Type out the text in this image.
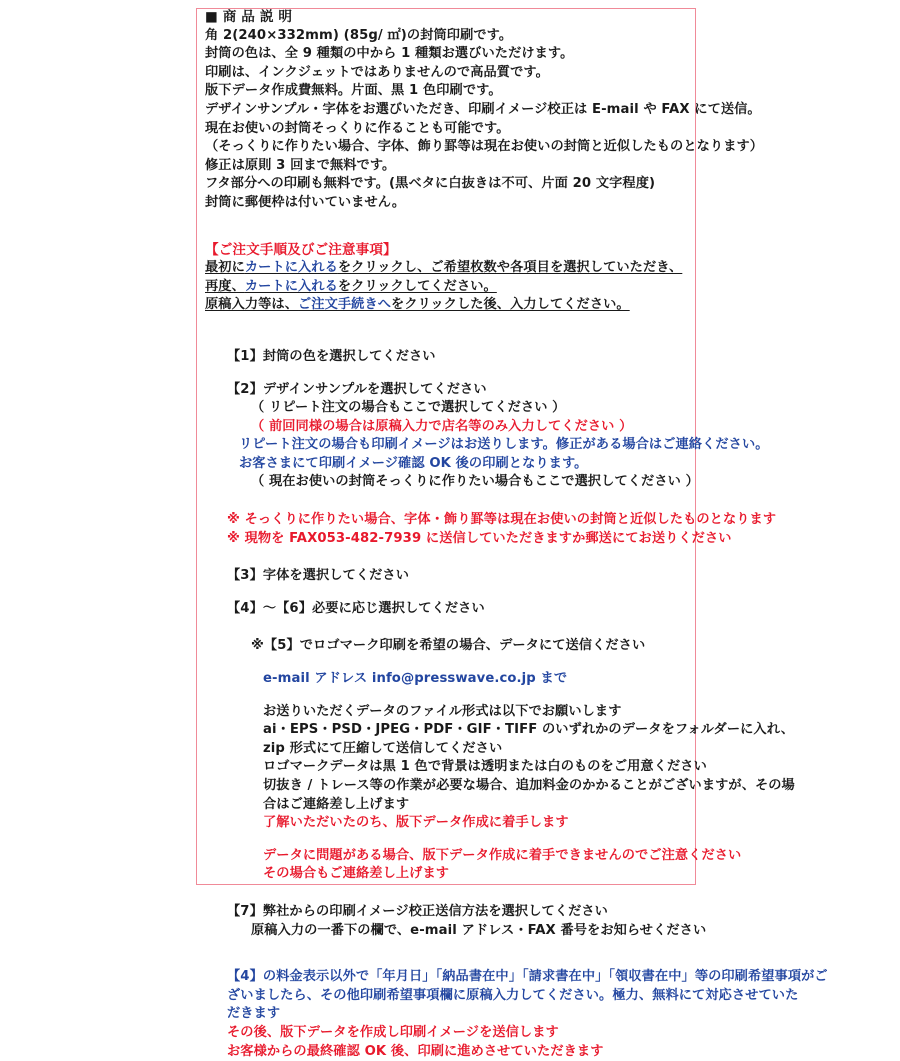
■ 商 品 説 明
角 2(240×332mm) (85g/ ㎡)の封筒印刷です。
封筒の色は、全 9 種類の中から 1 種類お選びいただけます。
印刷は、インクジェットではありませんので高品質です。
版下データ作成費無料。片面、黒 1 色印刷です。
デザインサンプル・字体をお選びいただき、印刷イメージ校正は E-mail や FAX にて送信。
現在お使いの封筒そっくりに作ることも可能です。
（そっくりに作りたい場合、字体、飾り罫等は現在お使いの封筒と近似したものとなります）
修正は原則 3 回まで無料です。
フタ部分への印刷も無料です。(黒ベタに白抜きは不可、片面 20 文字程度)
封筒に郵便枠は付いていません。
【ご注文手順及びご注意事項】
最初にカートに入れるをクリックし、ご希望枚数や各項目を選択していただき、
再度、カートに入れるをクリックしてください。
原稿入力等は、ご注文手続きへをクリックした後、入力してください。
【1】封筒の色を選択してください
【2】デザインサンプルを選択してください
（ リピート注文の場合もここで選択してください ）
（ 前回同様の場合は原稿入力で店名等のみ入力してください ）
リピート注文の場合も印刷イメージはお送りします。修正がある場合はご連絡ください。
お客さまにて印刷イメージ確認 OK 後の印刷となります。
（ 現在お使いの封筒そっくりに作りたい場合もここで選択してください ）
※ そっくりに作りたい場合、字体・飾り罫等は現在お使いの封筒と近似したものとなります
※ 現物を FAX053-482-7939 に送信していただきますか郵送にてお送りください
【3】字体を選択してください
【4】〜【6】必要に応じ選択してください
※【5】でロゴマーク印刷を希望の場合、データにて送信ください
e-mail アドレス info@presswave.co.jp まで
お送りいただくデータのファイル形式は以下でお願いします
ai・EPS・PSD・JPEG・PDF・GIF・TIFF のいずれかのデータをフォルダーに入れ、
zip 形式にて圧縮して送信してください
ロゴマークデータは黒 1 色で背景は透明または白のものをご用意ください
切抜き / トレース等の作業が必要な場合、追加料金のかかることがございますが、その場
合はご連絡差し上げます
了解いただいたのち、版下データ作成に着手します
データに問題がある場合、版下データ作成に着手できませんのでご注意ください
その場合もご連絡差し上げます
【7】弊社からの印刷イメージ校正送信方法を選択してください
原稿入力の一番下の欄で、e-mail アドレス・FAX 番号をお知らせください
【4】の料金表示以外で「年月日」「納品書在中」「請求書在中」「領収書在中」等の印刷希望事項がご
ざいましたら、その他印刷希望事項欄に原稿入力してください。極力、無料にて対応させていた
だきます
その後、版下データを作成し印刷イメージを送信します
お客様からの最終確認 OK 後、印刷に進めさせていただきます
